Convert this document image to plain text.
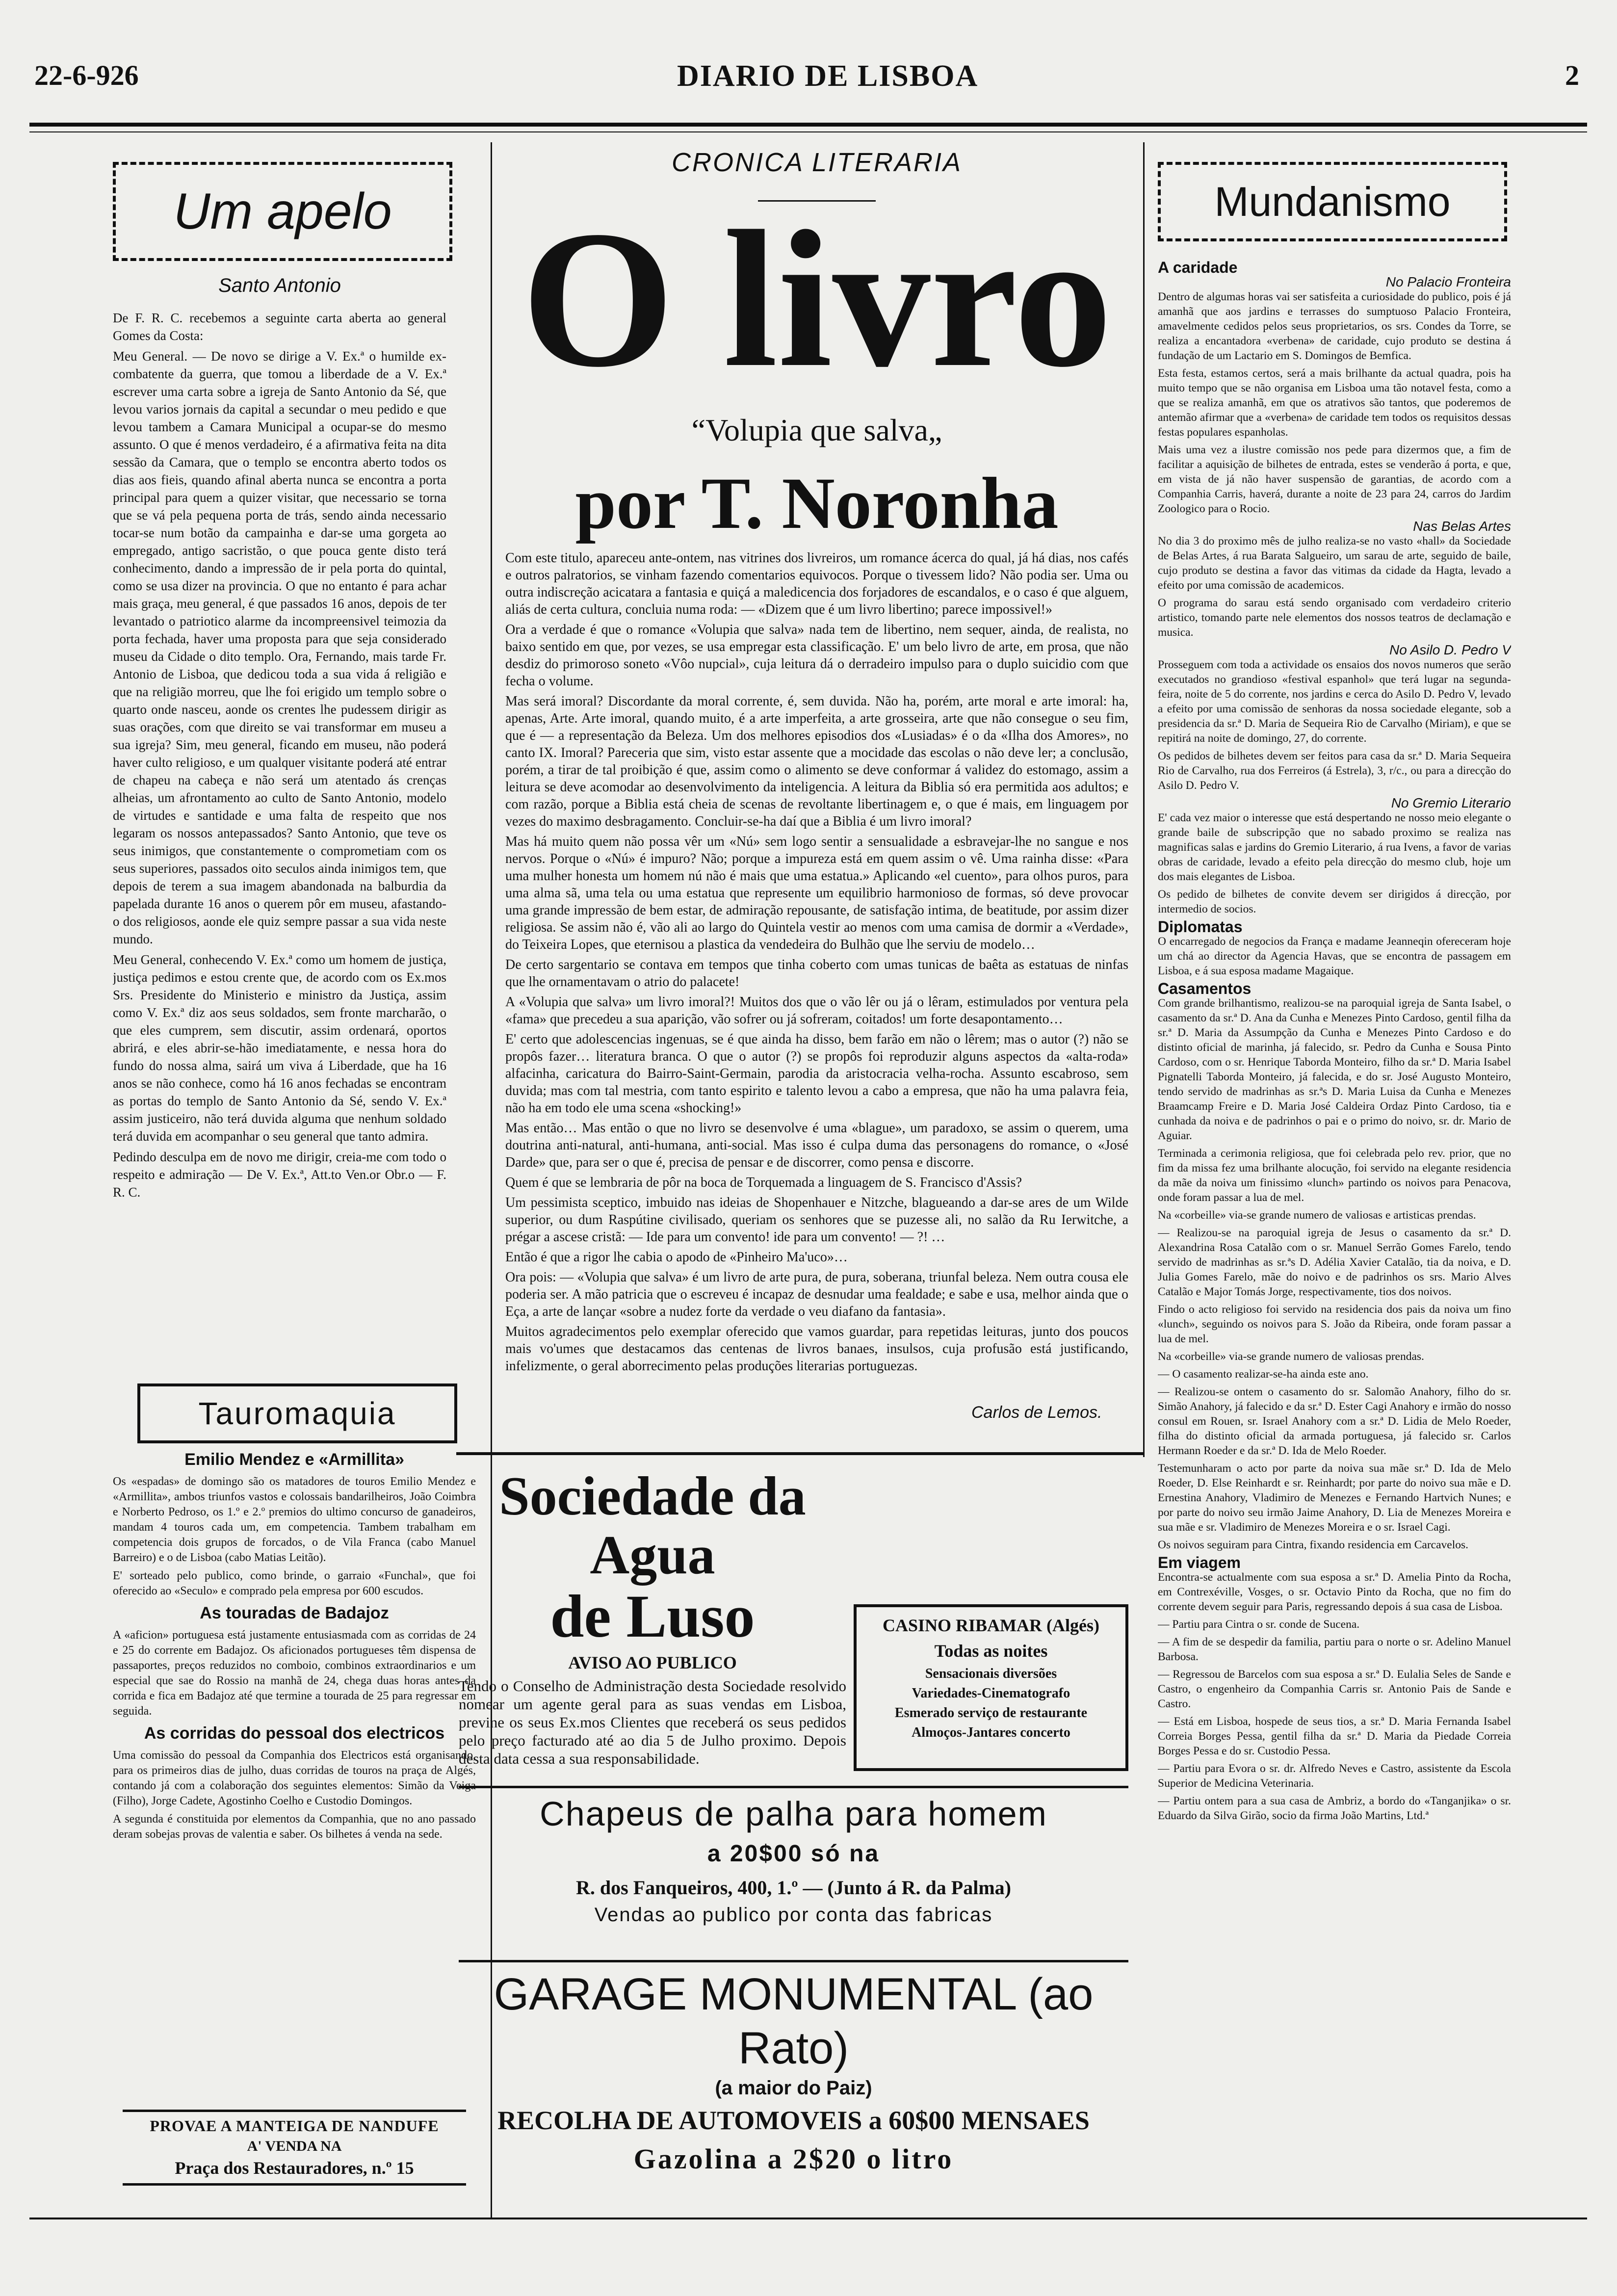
22-6-926	DIARIO DE LISBOA	2
Um apelo
Santo Antonio

De F. R. C. recebemos a seguinte carta aberta ao general Gomes da Costa:

Meu General. — De novo se dirige a V. Ex.ª o humilde ex-combatente da guerra, que tomou a liberdade de a V. Ex.ª escrever uma carta sobre a igreja de Santo Antonio da Sé, que levou varios jornais da capital a secundar o meu pedido e que levou tambem a Camara Municipal a ocupar-se do mesmo assunto. O que é menos verdadeiro, é a afirmativa feita na dita sessão da Camara, que o templo se encontra aberto todos os dias aos fieis, quando afinal aberta nunca se encontra a porta principal para quem a quizer visitar, que necessario se torna que se vá pela pequena porta de trás, sendo ainda necessario tocar-se num botão da campainha e dar-se uma gorgeta ao empregado, antigo sacristão, o que pouca gente disto terá conhecimento, dando a impressão de ir pela porta do quintal, como se usa dizer na provincia. O que no entanto é para achar mais graça, meu general, é que passados 16 anos, depois de ter levantado o patriotico alarme da incompreensivel teimozia da porta fechada, haver uma proposta para que seja considerado museu da Cidade o dito templo. Ora, Fernando, mais tarde Fr. Antonio de Lisboa, que dedicou toda a sua vida á religião e que na religião morreu, que lhe foi erigido um templo sobre o quarto onde nasceu, aonde os crentes lhe pudessem dirigir as suas orações, com que direito se vai transformar em museu a sua igreja? Sim, meu general, ficando em museu, não poderá haver culto religioso, e um qualquer visitante poderá até entrar de chapeu na cabeça e não será um atentado ás crenças alheias, um afrontamento ao culto de Santo Antonio, modelo de virtudes e santidade e uma falta de respeito que nos legaram os nossos antepassados? Santo Antonio, que teve os seus inimigos, que constantemente o comprometiam com os seus superiores, passados oito seculos ainda inimigos tem, que depois de terem a sua imagem abandonada na balburdia da papelada durante 16 anos o querem pôr em museu, afastando-o dos religiosos, aonde ele quiz sempre passar a sua vida neste mundo.

Meu General, conhecendo V. Ex.ª como um homem de justiça, justiça pedimos e estou crente que, de acordo com os Ex.mos Srs. Presidente do Ministerio e ministro da Justiça, assim como V. Ex.ª diz aos seus soldados, sem fronte marcharão, o que eles cumprem, sem discutir, assim ordenará, oportos abrirá, e eles abrir-se-hão imediatamente, e nessa hora do fundo do nossa alma, sairá um viva á Liberdade, que ha 16 anos se não conhece, como há 16 anos fechadas se encontram as portas do templo de Santo Antonio da Sé, sendo V. Ex.ª assim justiceiro, não terá duvida alguma que nenhum soldado terá duvida em acompanhar o seu general que tanto admira.

Pedindo desculpa em de novo me dirigir, creia-me com todo o respeito e admiração — De V. Ex.ª, Att.to Ven.or Obr.o — F. R. C.

Tauromaquia
Emilio Mendez e «Armillita»

Os «espadas» de domingo são os matadores de touros Emilio Mendez e «Armillita», ambos triunfos vastos e colossais bandarilheiros, João Coimbra e Norberto Pedroso, os 1.º e 2.º premios do ultimo concurso de ganadeiros, mandam 4 touros cada um, em competencia. Tambem trabalham em competencia dois grupos de forcados, o de Vila Franca (cabo Manuel Barreiro) e o de Lisboa (cabo Matias Leitão).

E' sorteado pelo publico, como brinde, o garraio «Funchal», que foi oferecido ao «Seculo» e comprado pela empresa por 600 escudos.

As touradas de Badajoz

A «aficion» portuguesa está justamente entusiasmada com as corridas de 24 e 25 do corrente em Badajoz. Os aficionados portugueses têm dispensa de passaportes, preços reduzidos no comboio, combinos extraordinarios e um especial que sae do Rossio na manhã de 24, chega duas horas antes da corrida e fica em Badajoz até que termine a tourada de 25 para regressar em seguida.

As corridas do pessoal dos electricos

Uma comissão do pessoal da Companhia dos Electricos está organisando, para os primeiros dias de julho, duas corridas de touros na praça de Algés, contando já com a colaboração dos seguintes elementos: Simão da Veiga (Filho), Jorge Cadete, Agostinho Coelho e Custodio Domingos.

A segunda é constituida por elementos da Companhia, que no ano passado deram sobejas provas de valentia e saber. Os bilhetes á venda na sede.

PROVAE A MANTEIGA DE NANDUFE
A' VENDA NA
Praça dos Restauradores, n.º 15
CRONICA LITERARIA
O livro
“Volupia que salva„
por T. Noronha

Com este titulo, apareceu ante-ontem, nas vitrines dos livreiros, um romance ácerca do qual, já há dias, nos cafés e outros palratorios, se vinham fazendo comentarios equivocos. Porque o tivessem lido? Não podia ser. Uma ou outra indiscreção acicatara a fantasia e quiçá a maledicencia dos forjadores de escandalos, e o caso é que alguem, aliás de certa cultura, concluia numa roda: — «Dizem que é um livro libertino; parece impossivel!»

Ora a verdade é que o romance «Volupia que salva» nada tem de libertino, nem sequer, ainda, de realista, no baixo sentido em que, por vezes, se usa empregar esta classificação. E' um belo livro de arte, em prosa, que não desdiz do primoroso soneto «Vôo nupcial», cuja leitura dá o derradeiro impulso para o duplo suicidio com que fecha o volume.

Mas será imoral? Discordante da moral corrente, é, sem duvida. Não ha, porém, arte moral e arte imoral: ha, apenas, Arte. Arte imoral, quando muito, é a arte imperfeita, a arte grosseira, arte que não consegue o seu fim, que é — a representação da Beleza. Um dos melhores episodios dos «Lusiadas» é o da «Ilha dos Amores», no canto IX. Imoral? Pareceria que sim, visto estar assente que a mocidade das escolas o não deve ler; a conclusão, porém, a tirar de tal proibição é que, assim como o alimento se deve conformar á validez do estomago, assim a leitura se deve acomodar ao desenvolvimento da inteligencia. A leitura da Biblia só era permitida aos adultos; e com razão, porque a Biblia está cheia de scenas de revoltante libertinagem e, o que é mais, em linguagem por vezes do maximo desbragamento. Concluir-se-ha daí que a Biblia é um livro imoral?

Mas há muito quem não possa vêr um «Nú» sem logo sentir a sensualidade a esbravejar-lhe no sangue e nos nervos. Porque o «Nú» é impuro? Não; porque a impureza está em quem assim o vê. Uma rainha disse: «Para uma mulher honesta um homem nú não é mais que uma estatua.» Aplicando «el cuento», para olhos puros, para uma alma sã, uma tela ou uma estatua que represente um equilibrio harmonioso de formas, só deve provocar uma grande impressão de bem estar, de admiração repousante, de satisfação intima, de beatitude, por assim dizer religiosa. Se assim não é, vão ali ao largo do Quintela vestir ao menos com uma camisa de dormir a «Verdade», do Teixeira Lopes, que eternisou a plastica da vendedeira do Bulhão que lhe serviu de modelo…

De certo sargentario se contava em tempos que tinha coberto com umas tunicas de baêta as estatuas de ninfas que lhe ornamentavam o atrio do palacete!

A «Volupia que salva» um livro imoral?! Muitos dos que o vão lêr ou já o lêram, estimulados por ventura pela «fama» que precedeu a sua aparição, vão sofrer ou já sofreram, coitados! um forte desapontamento…

E' certo que adolescencias ingenuas, se é que ainda ha disso, bem farão em não o lêrem; mas o autor (?) não se propôs fazer… literatura branca. O que o autor (?) se propôs foi reproduzir alguns aspectos da «alta-roda» alfacinha, caricatura do Bairro-Saint-Germain, parodia da aristocracia velha-rocha. Assunto escabroso, sem duvida; mas com tal mestria, com tanto espirito e talento levou a cabo a empresa, que não ha uma palavra feia, não ha em todo ele uma scena «shocking!»

Mas então… Mas então o que no livro se desenvolve é uma «blague», um paradoxo, se assim o querem, uma doutrina anti-natural, anti-humana, anti-social. Mas isso é culpa duma das personagens do romance, o «José Darde» que, para ser o que é, precisa de pensar e de discorrer, como pensa e discorre.

Quem é que se lembraria de pôr na boca de Torquemada a linguagem de S. Francisco d'Assis?

Um pessimista sceptico, imbuido nas ideias de Shopenhauer e Nitzche, blagueando a dar-se ares de um Wilde superior, ou dum Raspútine civilisado, queriam os senhores que se puzesse ali, no salão da Ru Ierwitche, a prégar a ascese cristã: — Ide para um convento! ide para um convento! — ?! …

Então é que a rigor lhe cabia o apodo de «Pinheiro Ma'uco»…

Ora pois: — «Volupia que salva» é um livro de arte pura, de pura, soberana, triunfal beleza. Nem outra cousa ele poderia ser. A mão patricia que o escreveu é incapaz de desnudar uma fealdade; e sabe e usa, melhor ainda que o Eça, a arte de lançar «sobre a nudez forte da verdade o veu diafano da fantasia».

Muitos agradecimentos pelo exemplar oferecido que vamos guardar, para repetidas leituras, junto dos poucos mais vo'umes que destacamos das centenas de livros banaes, insulsos, cuja profusão está justificando, infelizmente, o geral aborrecimento pelas produções literarias portuguezas.

Carlos de Lemos.
Sociedade da Agua
de Luso
AVISO AO PUBLICO

Tendo o Conselho de Administração desta Sociedade resolvido nomear um agente geral para as suas vendas em Lisboa, previne os seus Ex.mos Clientes que receberá os seus pedidos pelo preço facturado até ao dia 5 de Julho proximo. Depois desta data cessa a sua responsabilidade.

CASINO RIBAMAR (Algés)
Todas as noites
Sensacionais diversões
Variedades-Cinematografo
Esmerado serviço de restaurante
Almoços-Jantares concerto
Chapeus de palha para homem
a 20$00 só na
R. dos Fanqueiros, 400, 1.º — (Junto á R. da Palma)
Vendas ao publico por conta das fabricas
GARAGE MONUMENTAL (ao Rato)
(a maior do Paiz)
RECOLHA DE AUTOMOVEIS a 60$00 MENSAES
Gazolina a 2$20 o litro
Mundanismo
A caridade
No Palacio Fronteira

Dentro de algumas horas vai ser satisfeita a curiosidade do publico, pois é já amanhã que aos jardins e terrasses do sumptuoso Palacio Fronteira, amavelmente cedidos pelos seus proprietarios, os srs. Condes da Torre, se realiza a encantadora «verbena» de caridade, cujo produto se destina á fundação de um Lactario em S. Domingos de Bemfica.

Esta festa, estamos certos, será a mais brilhante da actual quadra, pois ha muito tempo que se não organisa em Lisboa uma tão notavel festa, como a que se realiza amanhã, em que os atrativos são tantos, que poderemos de antemão afirmar que a «verbena» de caridade tem todos os requisitos dessas festas populares espanholas.

Mais uma vez a ilustre comissão nos pede para dizermos que, a fim de facilitar a aquisição de bilhetes de entrada, estes se venderão á porta, e que, em vista de já não haver suspensão de garantias, de acordo com a Companhia Carris, haverá, durante a noite de 23 para 24, carros do Jardim Zoologico para o Rocio.

Nas Belas Artes

No dia 3 do proximo mês de julho realiza-se no vasto «hall» da Sociedade de Belas Artes, á rua Barata Salgueiro, um sarau de arte, seguido de baile, cujo produto se destina a favor das vitimas da cidade da Hagta, levado a efeito por uma comissão de academicos.

O programa do sarau está sendo organisado com verdadeiro criterio artistico, tomando parte nele elementos dos nossos teatros de declamação e musica.

No Asilo D. Pedro V

Prosseguem com toda a actividade os ensaios dos novos numeros que serão executados no grandioso «festival espanhol» que terá lugar na segunda-feira, noite de 5 do corrente, nos jardins e cerca do Asilo D. Pedro V, levado a efeito por uma comissão de senhoras da nossa sociedade elegante, sob a presidencia da sr.ª D. Maria de Sequeira Rio de Carvalho (Miriam), e que se repitirá na noite de domingo, 27, do corrente.

Os pedidos de bilhetes devem ser feitos para casa da sr.ª D. Maria Sequeira Rio de Carvalho, rua dos Ferreiros (á Estrela), 3, r/c., ou para a direcção do Asilo D. Pedro V.

No Gremio Literario

E' cada vez maior o interesse que está despertando ne nosso meio elegante o grande baile de subscripção que no sabado proximo se realiza nas magnificas salas e jardins do Gremio Literario, á rua Ivens, a favor de varias obras de caridade, levado a efeito pela direcção do mesmo club, hoje um dos mais elegantes de Lisboa.

Os pedido de bilhetes de convite devem ser dirigidos á direcção, por intermedio de socios.

Diplomatas

O encarregado de negocios da França e madame Jeanneqin ofereceram hoje um chá ao director da Agencia Havas, que se encontra de passagem em Lisboa, e á sua esposa madame Magaique.

Casamentos

Com grande brilhantismo, realizou-se na paroquial igreja de Santa Isabel, o casamento da sr.ª D. Ana da Cunha e Menezes Pinto Cardoso, gentil filha da sr.ª D. Maria da Assumpção da Cunha e Menezes Pinto Cardoso e do distinto oficial de marinha, já falecido, sr. Pedro da Cunha e Sousa Pinto Cardoso, com o sr. Henrique Taborda Monteiro, filho da sr.ª D. Maria Isabel Pignatelli Taborda Monteiro, já falecida, e do sr. José Augusto Monteiro, tendo servido de madrinhas as sr.ªs D. Maria Luisa da Cunha e Menezes Braamcamp Freire e D. Maria José Caldeira Ordaz Pinto Cardoso, tia e cunhada da noiva e de padrinhos o pai e o primo do noivo, sr. dr. Mario de Aguiar.

Terminada a cerimonia religiosa, que foi celebrada pelo rev. prior, que no fim da missa fez uma brilhante alocução, foi servido na elegante residencia da mãe da noiva um finissimo «lunch» partindo os noivos para Penacova, onde foram passar a lua de mel.

Na «corbeille» via-se grande numero de valiosas e artisticas prendas.

— Realizou-se na paroquial igreja de Jesus o casamento da sr.ª D. Alexandrina Rosa Catalão com o sr. Manuel Serrão Gomes Farelo, tendo servido de madrinhas as sr.ªs D. Adélia Xavier Catalão, tia da noiva, e D. Julia Gomes Farelo, mãe do noivo e de padrinhos os srs. Mario Alves Catalão e Major Tomás Jorge, respectivamente, tios dos noivos.

Findo o acto religioso foi servido na residencia dos pais da noiva um fino «lunch», seguindo os noivos para S. João da Ribeira, onde foram passar a lua de mel.

Na «corbeille» via-se grande numero de valiosas prendas.

— O casamento realizar-se-ha ainda este ano.

— Realizou-se ontem o casamento do sr. Salomão Anahory, filho do sr. Simão Anahory, já falecido e da sr.ª D. Ester Cagi Anahory e irmão do nosso consul em Rouen, sr. Israel Anahory com a sr.ª D. Lidia de Melo Roeder, filha do distinto oficial da armada portuguesa, já falecido sr. Carlos Hermann Roeder e da sr.ª D. Ida de Melo Roeder.

Testemunharam o acto por parte da noiva sua mãe sr.ª D. Ida de Melo Roeder, D. Else Reinhardt e sr. Reinhardt; por parte do noivo sua mãe e D. Ernestina Anahory, Vladimiro de Menezes e Fernando Hartvich Nunes; e por parte do noivo seu irmão Jaime Anahory, D. Lia de Menezes Moreira e sua mãe e sr. Vladimiro de Menezes Moreira e o sr. Israel Cagi.

Os noivos seguiram para Cintra, fixando residencia em Carcavelos.

Em viagem

Encontra-se actualmente com sua esposa a sr.ª D. Amelia Pinto da Rocha, em Contrexéville, Vosges, o sr. Octavio Pinto da Rocha, que no fim do corrente devem seguir para Paris, regressando depois á sua casa de Lisboa.

— Partiu para Cintra o sr. conde de Sucena.

— A fim de se despedir da familia, partiu para o norte o sr. Adelino Manuel Barbosa.

— Regressou de Barcelos com sua esposa a sr.ª D. Eulalia Seles de Sande e Castro, o engenheiro da Companhia Carris sr. Antonio Pais de Sande e Castro.

— Está em Lisboa, hospede de seus tios, a sr.ª D. Maria Fernanda Isabel Correia Borges Pessa, gentil filha da sr.ª D. Maria da Piedade Correia Borges Pessa e do sr. Custodio Pessa.

— Partiu para Evora o sr. dr. Alfredo Neves e Castro, assistente da Escola Superior de Medicina Veterinaria.

— Partiu ontem para a sua casa de Ambriz, a bordo do «Tanganjika» o sr. Eduardo da Silva Girão, socio da firma João Martins, Ltd.ª
